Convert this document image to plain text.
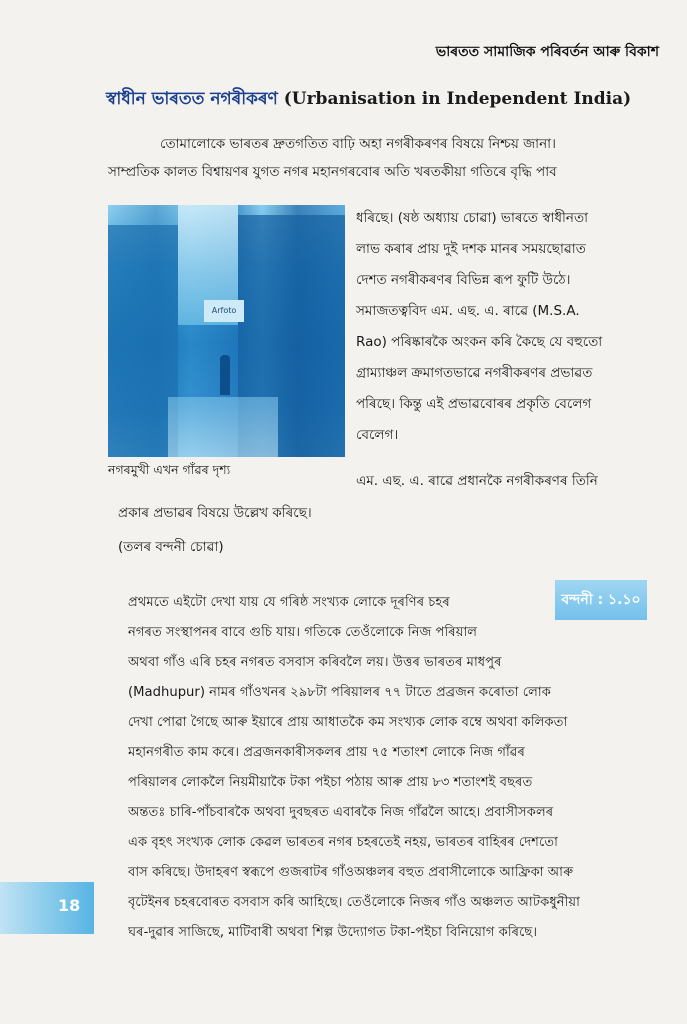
ভাৰতত সামাজিক পৰিবৰ্তন আৰু বিকাশ
স্বাধীন ভাৰতত নগৰীকৰণ (Urbanisation in Independent India)
তোমালোকে ভাৰতৰ দ্রুতগতিত বাঢ়ি অহা নগৰীকৰণৰ বিষয়ে নিশ্চয় জানা।
সাম্প্রতিক কালত বিশ্বায়ণৰ যুগত নগৰ মহানগৰবোৰ অতি খৰতকীয়া গতিৰে বৃদ্ধি পাব
Arfoto
নগৰমুখী এখন গাঁৱৰ দৃশ্য
ধৰিছে। (ষষ্ঠ অধ্যায় চোৱা) ভাৰতে স্বাধীনতা
লাভ কৰাৰ প্ৰায় দুই দশক মানৰ সময়ছোৱাত
দেশত নগৰীকৰণৰ বিভিন্ন ৰূপ ফুটি উঠে।
সমাজতত্ববিদ এম. এছ. এ. ৰাৱে (M.S.A.
Rao) পৰিষ্কাৰকৈ অংকন কৰি কৈছে যে বহুতো
গ্ৰাম্যাঞ্চল ক্ৰমাগতভাৱে নগৰীকৰণৰ প্ৰভাৱত
পৰিছে। কিন্তু এই প্ৰভাৱবোৰৰ প্ৰকৃতি বেলেগ
বেলেগ।
এম. এছ. এ. ৰাৱে প্ৰধানকৈ নগৰীকৰণৰ তিনি
প্ৰকাৰ প্ৰভাৱৰ বিষয়ে উল্লেখ কৰিছে।
(তলৰ বন্দনী চোৱা)
বন্দনী : ১.১০
প্ৰথমতে এইটো দেখা যায় যে গৰিষ্ঠ সংখ্যক লোকে দূৰণিৰ চহৰ
নগৰত সংস্থাপনৰ বাবে গুচি যায়। গতিকে তেওঁলোকে নিজ পৰিয়াল
অথবা গাঁও এৰি চহৰ নগৰত বসবাস কৰিবলৈ লয়। উত্তৰ ভাৰতৰ মাধপুৰ
(Madhupur) নামৰ গাঁওখনৰ ২৯৮টা পৰিয়ালৰ ৭৭ টাতে প্ৰব্ৰজন কৰোতা লোক
দেখা পোৱা গৈছে আৰু ইয়াৰে প্ৰায় আধাতকৈ কম সংখ্যক লোক বম্বে অথবা কলিকতা
মহানগৰীত কাম কৰে। প্ৰব্ৰজনকাৰীসকলৰ প্ৰায় ৭৫ শতাংশ লোকে নিজ গাঁৱৰ
পৰিয়ালৰ লোকলৈ নিয়মীয়াকৈ টকা পইচা পঠায় আৰু প্ৰায় ৮৩ শতাংশই বছৰত
অন্ততঃ চাৰি-পাঁচবাৰকৈ অথবা দুবছৰত এবাৰকৈ নিজ গাঁৱলৈ আহে। প্ৰবাসীসকলৰ
এক বৃহৎ সংখ্যক লোক কেৱল ভাৰতৰ নগৰ চহৰতেই নহয়, ভাৰতৰ বাহিৰৰ দেশতো
বাস কৰিছে। উদাহৰণ স্বৰূপে গুজৰাটৰ গাঁওঅঞ্চলৰ বহুত প্ৰবাসীলোকে আফ্ৰিকা আৰু
বৃটেইনৰ চহৰবোৰত বসবাস কৰি আহিছে। তেওঁলোকে নিজৰ গাঁও অঞ্চলত আটকধুনীয়া
ঘৰ-দুৱাৰ সাজিছে, মাটিবাৰী অথবা শিল্প উদ্যোগত টকা-পইচা বিনিয়োগ কৰিছে।
18
